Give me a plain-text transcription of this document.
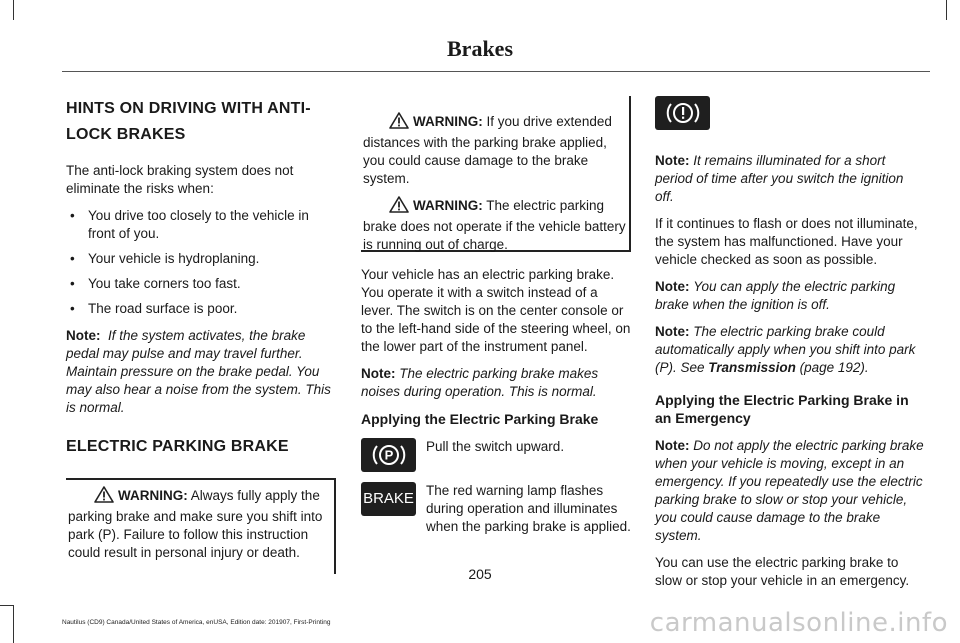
Brakes
HINTS ON DRIVING WITH ANTI-
LOCK BRAKES

The anti-lock braking system does not eliminate the risks when:

• You drive too closely to the vehicle in front of you.
• Your vehicle is hydroplaning.
• You take corners too fast.
• The road surface is poor.

Note: If the system activates, the brake pedal may pulse and may travel further. Maintain pressure on the brake pedal. You may also hear a noise from the system. This is normal.

ELECTRIC PARKING BRAKE

WARNING: Always fully apply the parking brake and make sure you shift into park (P). Failure to follow this instruction could result in personal injury or death.

WARNING: If you drive extended distances with the parking brake applied, you could cause damage to the brake system.

WARNING: The electric parking brake does not operate if the vehicle battery is running out of charge.

Your vehicle has an electric parking brake. You operate it with a switch instead of a lever. The switch is on the center console or to the left-hand side of the steering wheel, on the lower part of the instrument panel.

Note: The electric parking brake makes noises during operation. This is normal.

Applying the Electric Parking Brake
P
Pull the switch upward.
BRAKE The red warning lamp flashes during operation and illuminates when the parking brake is applied.

Note: It remains illuminated for a short period of time after you switch the ignition off.

If it continues to flash or does not illuminate, the system has malfunctioned. Have your vehicle checked as soon as possible.

Note: You can apply the electric parking brake when the ignition is off.

Note: The electric parking brake could automatically apply when you shift into park (P). See Transmission (page 192).

Applying the Electric Parking Brake in an Emergency

Note: Do not apply the electric parking brake when your vehicle is moving, except in an emergency. If you repeatedly use the electric parking brake to slow or stop your vehicle, you could cause damage to the brake system.

You can use the electric parking brake to slow or stop your vehicle in an emergency.

205
Nautilus (CD9) Canada/United States of America, enUSA, Edition date: 201907, First-Printing	carmanualsonline.info
